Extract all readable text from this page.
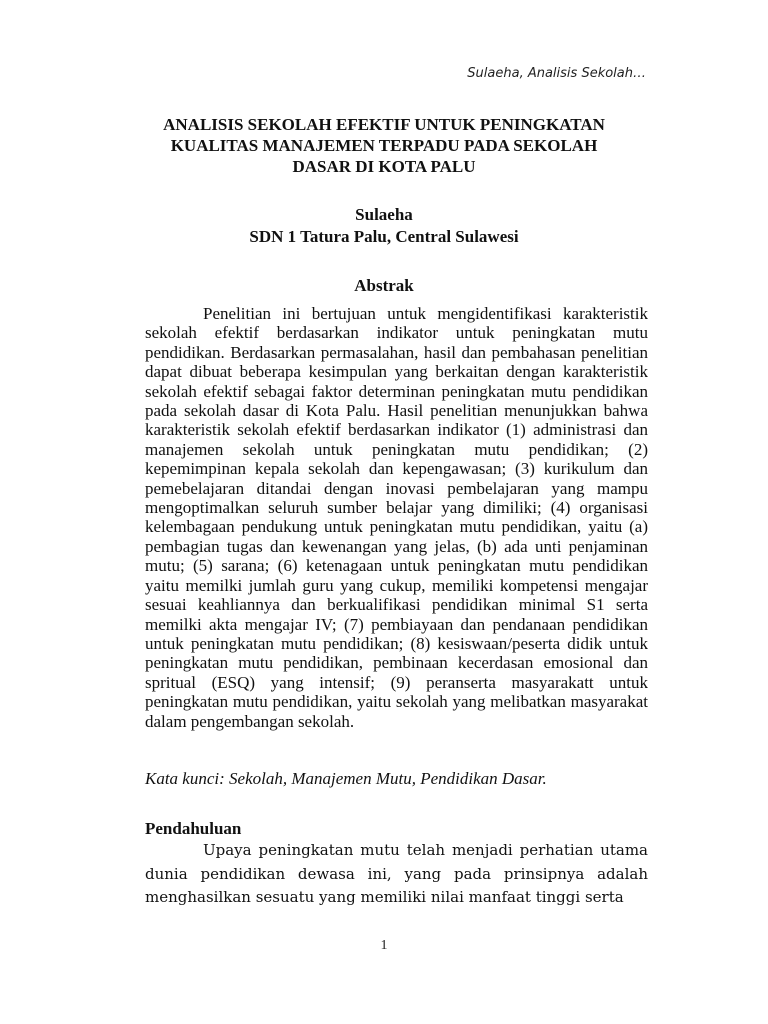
Sulaeha, Analisis Sekolah…
ANALISIS SEKOLAH EFEKTIF UNTUK PENINGKATAN
KUALITAS MANAJEMEN TERPADU PADA SEKOLAH
DASAR DI KOTA PALU
Sulaeha
SDN 1 Tatura Palu, Central Sulawesi
Abstrak

Penelitian ini bertujuan untuk mengidentifikasi karakteristik sekolah efektif berdasarkan indikator untuk peningkatan mutu pendidikan. Berdasarkan permasalahan, hasil dan pembahasan penelitian dapat dibuat beberapa kesimpulan yang berkaitan dengan karakteristik sekolah efektif sebagai faktor determinan peningkatan mutu pendidikan pada sekolah dasar di Kota Palu. Hasil penelitian menunjukkan bahwa karakteristik sekolah efektif berdasarkan indikator (1) administrasi dan manajemen sekolah untuk peningkatan mutu pendidikan; (2) kepemimpinan kepala sekolah dan kepengawasan; (3) kurikulum dan pemebelajaran ditandai dengan inovasi pembelajaran yang mampu mengoptimalkan seluruh sumber belajar yang dimiliki; (4) organisasi kelembagaan pendukung untuk peningkatan mutu pendidikan, yaitu (a) pembagian tugas dan kewenangan yang jelas, (b) ada unti penjaminan mutu; (5) sarana; (6) ketenagaan untuk peningkatan mutu pendidikan yaitu memilki jumlah guru yang cukup, memiliki kompetensi mengajar sesuai keahliannya dan berkualifikasi pendidikan minimal S1 serta memilki akta mengajar IV; (7) pembiayaan dan pendanaan pendidikan untuk peningkatan mutu pendidikan; (8) kesiswaan/peserta didik untuk peningkatan mutu pendidikan, pembinaan kecerdasan emosional dan spritual (ESQ) yang intensif; (9) peranserta masyarakatt untuk peningkatan mutu pendidikan, yaitu sekolah yang melibatkan masyarakat dalam pengembangan sekolah.

Kata kunci: Sekolah, Manajemen Mutu, Pendidikan Dasar.
Pendahuluan

Upaya peningkatan mutu telah menjadi perhatian utama dunia pendidikan dewasa ini, yang pada prinsipnya adalah menghasilkan sesuatu yang memiliki nilai manfaat tinggi serta

1
